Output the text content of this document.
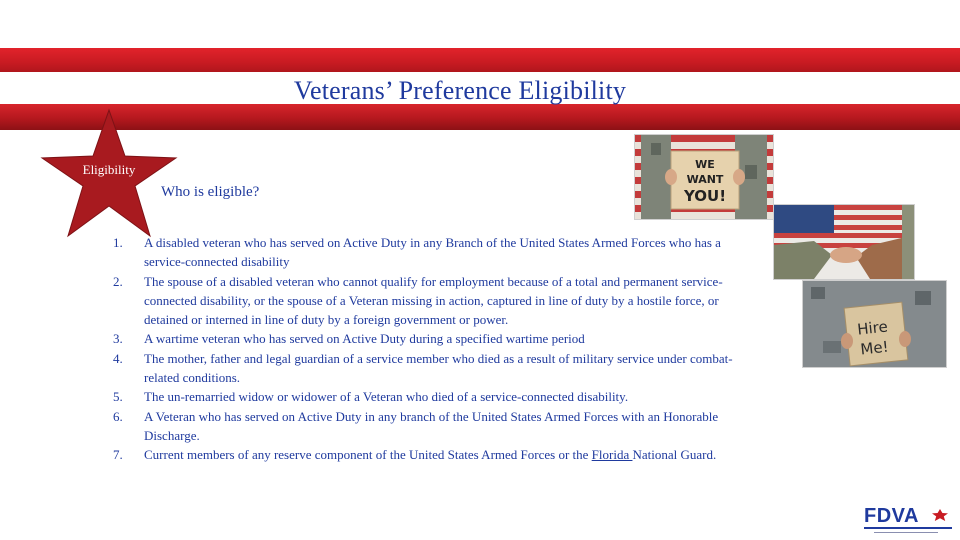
Veterans’ Preference Eligibility
Eligibility
Who is eligible?
1. A disabled veteran who has served on Active Duty in any Branch of the United States Armed Forces who has a service-connected disability
2. The spouse of a disabled veteran who cannot qualify for employment because of a total and permanent service-connected disability, or the spouse of a Veteran missing in action, captured in line of duty by a hostile force, or detained or interned in line of duty by a foreign government or power.
3. A wartime veteran who has served on Active Duty during a specified wartime period
4. The mother, father and legal guardian of a service member who died as a result of military service under combat-related conditions.
5. The un-remarried widow or widower of a Veteran who died of a service-connected disability.
6. A Veteran who has served on Active Duty in any branch of the United States Armed Forces with an Honorable Discharge.
7. Current members of any reserve component of the United States Armed Forces or the Florida National Guard.
WE
WANT
YOU!
Hire
Me!
FDVA
